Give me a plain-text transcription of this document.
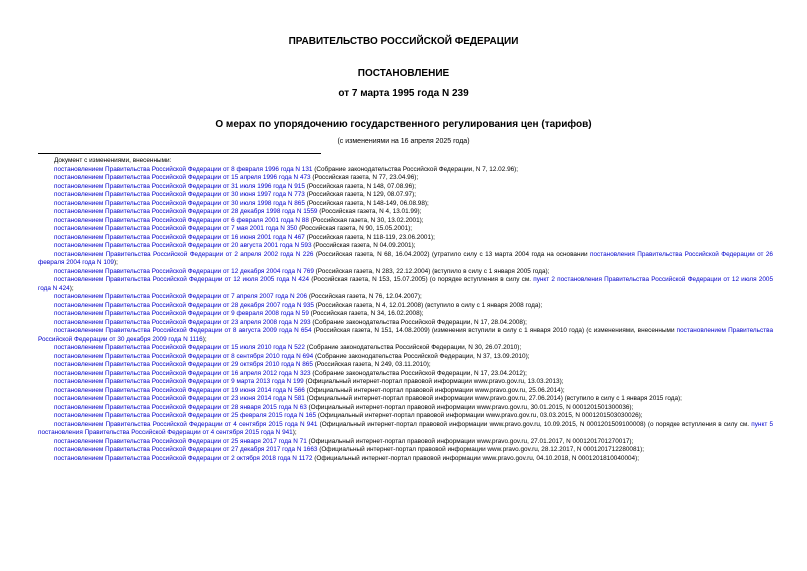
ПРАВИТЕЛЬСТВО РОССИЙСКОЙ ФЕДЕРАЦИИ
ПОСТАНОВЛЕНИЕ
от 7 марта 1995 года N 239
О мерах по упорядочению государственного регулирования цен (тарифов)
(с изменениями на 16 апреля 2025 года)

Документ с изменениями, внесенными:

постановлением Правительства Российской Федерации от 8 февраля 1996 года N 131 (Собрание законодательства Российской Федерации, N 7, 12.02.96);

постановлением Правительства Российской Федерации от 15 апреля 1996 года N 473 (Российская газета, N 77, 23.04.96);

постановлением Правительства Российской Федерации от 31 июля 1996 года N 915 (Российская газета, N 148, 07.08.96);

постановлением Правительства Российской Федерации от 30 июня 1997 года N 773 (Российская газета, N 129, 08.07.97);

постановлением Правительства Российской Федерации от 30 июля 1998 года N 865 (Российская газета, N 148-149, 06.08.98);

постановлением Правительства Российской Федерации от 28 декабря 1998 года N 1559 (Российская газета, N 4, 13.01.99);

постановлением Правительства Российской Федерации от 6 февраля 2001 года N 88 (Российская газета, N 30, 13.02.2001);

постановлением Правительства Российской Федерации от 7 мая 2001 года N 350 (Российская газета, N 90, 15.05.2001);

постановлением Правительства Российской Федерации от 16 июня 2001 года N 467 (Российская газета, N 118-119, 23.06.2001);

постановлением Правительства Российской Федерации от 20 августа 2001 года N 593 (Российская газета, N 04.09.2001);

постановлением Правительства Российской Федерации от 2 апреля 2002 года N 226 (Российская газета, N 68, 16.04.2002) (утратило силу с 13 марта 2004 года на основании постановления Правительства Российской Федерации от 26 февраля 2004 года N 109);

постановлением Правительства Российской Федерации от 12 декабря 2004 года N 769 (Российская газета, N 283, 22.12.2004) (вступило в силу с 1 января 2005 года);

постановлением Правительства Российской Федерации от 12 июля 2005 года N 424 (Российская газета, N 153, 15.07.2005) (о порядке вступления в силу см. пункт 2 постановления Правительства Российской Федерации от 12 июля 2005 года N 424);

постановлением Правительства Российской Федерации от 7 апреля 2007 года N 206 (Российская газета, N 76, 12.04.2007);

постановлением Правительства Российской Федерации от 28 декабря 2007 года N 935 (Российская газета, N 4, 12.01.2008) (вступило в силу с 1 января 2008 года);

постановлением Правительства Российской Федерации от 9 февраля 2008 года N 59 (Российская газета, N 34, 16.02.2008);

постановлением Правительства Российской Федерации от 23 апреля 2008 года N 293 (Собрание законодательства Российской Федерации, N 17, 28.04.2008);

постановлением Правительства Российской Федерации от 8 августа 2009 года N 654 (Российская газета, N 151, 14.08.2009) (изменения вступили в силу с 1 января 2010 года) (с изменениями, внесенными постановлением Правительства Российской Федерации от 30 декабря 2009 года N 1116);

постановлением Правительства Российской Федерации от 15 июля 2010 года N 522 (Собрание законодательства Российской Федерации, N 30, 26.07.2010);

постановлением Правительства Российской Федерации от 8 сентября 2010 года N 694 (Собрание законодательства Российской Федерации, N 37, 13.09.2010);

постановлением Правительства Российской Федерации от 29 октября 2010 года N 865 (Российская газета, N 249, 03.11.2010);

постановлением Правительства Российской Федерации от 16 апреля 2012 года N 323 (Собрание законодательства Российской Федерации, N 17, 23.04.2012);

постановлением Правительства Российской Федерации от 9 марта 2013 года N 199 (Официальный интернет-портал правовой информации www.pravo.gov.ru, 13.03.2013);

постановлением Правительства Российской Федерации от 19 июня 2014 года N 566 (Официальный интернет-портал правовой информации www.pravo.gov.ru, 25.06.2014);

постановлением Правительства Российской Федерации от 23 июня 2014 года N 581 (Официальный интернет-портал правовой информации www.pravo.gov.ru, 27.06.2014) (вступило в силу с 1 января 2015 года);

постановлением Правительства Российской Федерации от 28 января 2015 года N 63 (Официальный интернет-портал правовой информации www.pravo.gov.ru, 30.01.2015, N 0001201501300036);

постановлением Правительства Российской Федерации от 25 февраля 2015 года N 165 (Официальный интернет-портал правовой информации www.pravo.gov.ru, 03.03.2015, N 0001201503030026);

постановлением Правительства Российской Федерации от 4 сентября 2015 года N 941 (Официальный интернет-портал правовой информации www.pravo.gov.ru, 10.09.2015, N 0001201509100008) (о порядке вступления в силу см. пункт 5 постановления Правительства Российской Федерации от 4 сентября 2015 года N 941);

постановлением Правительства Российской Федерации от 25 января 2017 года N 71 (Официальный интернет-портал правовой информации www.pravo.gov.ru, 27.01.2017, N 0001201701270017);

постановлением Правительства Российской Федерации от 27 декабря 2017 года N 1663 (Официальный интернет-портал правовой информации www.pravo.gov.ru, 28.12.2017, N 0001201712280081);

постановлением Правительства Российской Федерации от 2 октября 2018 года N 1172 (Официальный интернет-портал правовой информации www.pravo.gov.ru, 04.10.2018, N 0001201810040004);
